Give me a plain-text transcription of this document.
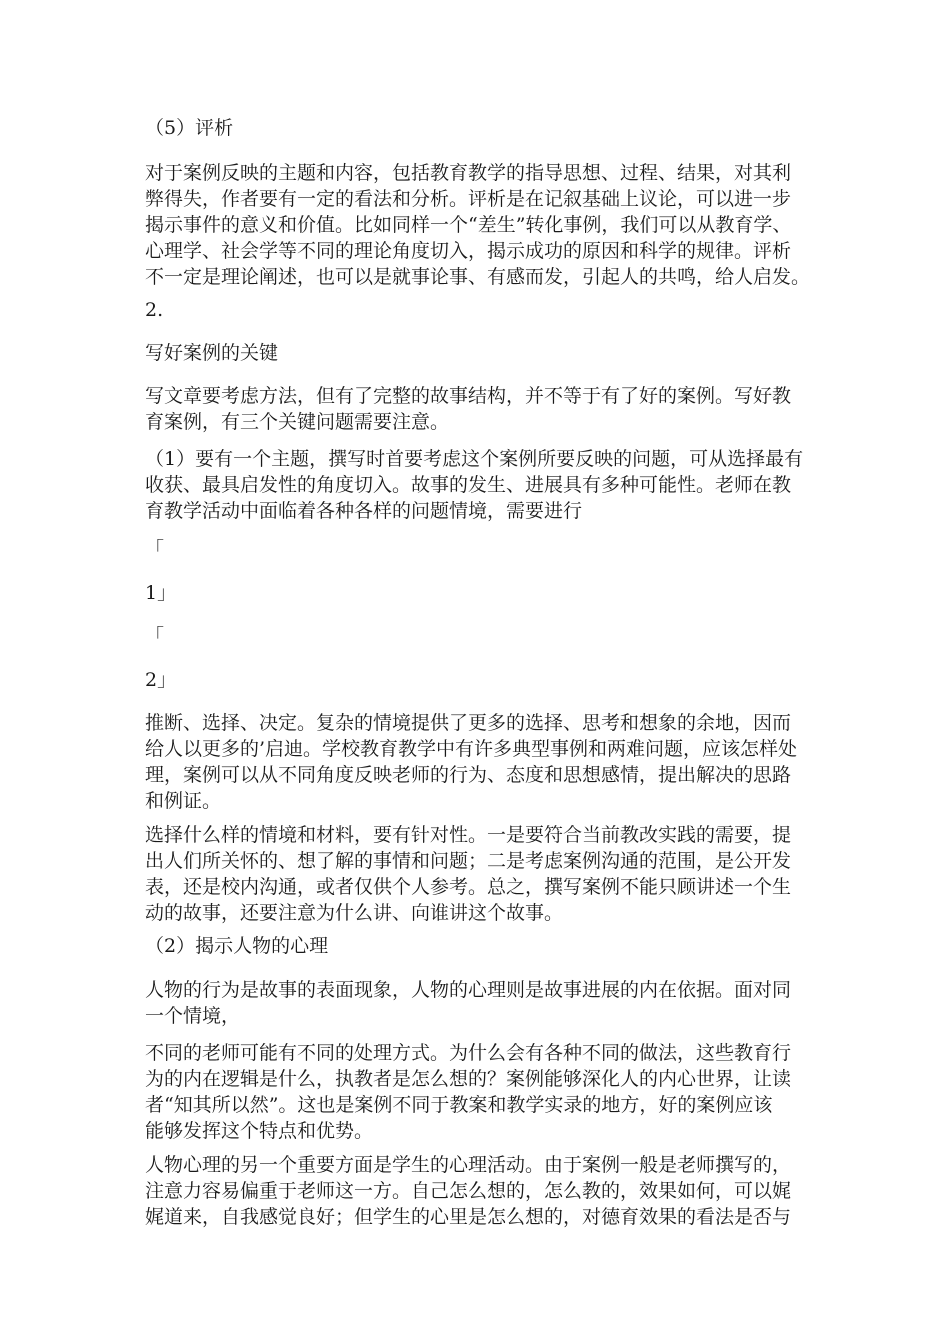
（5）评析

对于案例反映的主题和内容，包括教育教学的指导思想、过程、结果，对其利
弊得失，作者要有一定的看法和分析。评析是在记叙基础上议论，可以进一步
揭示事件的意义和价值。比如同样一个“差生”转化事例，我们可以从教育学、
心理学、社会学等不同的理论角度切入，揭示成功的原因和科学的规律。评析
不一定是理论阐述，也可以是就事论事、有感而发，引起人的共鸣，给人启发。

2.

写好案例的关键

写文章要考虑方法，但有了完整的故事结构，并不等于有了好的案例。写好教
育案例，有三个关键问题需要注意。

（1）要有一个主题，撰写时首要考虑这个案例所要反映的问题，可从选择最有
收获、最具启发性的角度切入。故事的发生、进展具有多种可能性。老师在教
育教学活动中面临着各种各样的问题情境，需要进行

「

1」

「

2」

推断、选择、决定。复杂的情境提供了更多的选择、思考和想象的余地，因而
给人以更多的’启迪。学校教育教学中有许多典型事例和两难问题，应该怎样处
理，案例可以从不同角度反映老师的行为、态度和思想感情，提出解决的思路
和例证。

选择什么样的情境和材料，要有针对性。一是要符合当前教改实践的需要，提
出人们所关怀的、想了解的事情和问题；二是考虑案例沟通的范围，是公开发
表，还是校内沟通，或者仅供个人参考。总之，撰写案例不能只顾讲述一个生
动的故事，还要注意为什么讲、向谁讲这个故事。

（2）揭示人物的心理

人物的行为是故事的表面现象，人物的心理则是故事进展的内在依据。面对同
一个情境，

不同的老师可能有不同的处理方式。为什么会有各种不同的做法，这些教育行
为的内在逻辑是什么，执教者是怎么想的？案例能够深化人的内心世界，让读
者“知其所以然”。这也是案例不同于教案和教学实录的地方，好的案例应该
能够发挥这个特点和优势。

人物心理的另一个重要方面是学生的心理活动。由于案例一般是老师撰写的，
注意力容易偏重于老师这一方。自己怎么想的，怎么教的，效果如何，可以娓
娓道来，自我感觉良好；但学生的心里是怎么想的，对德育效果的看法是否与
